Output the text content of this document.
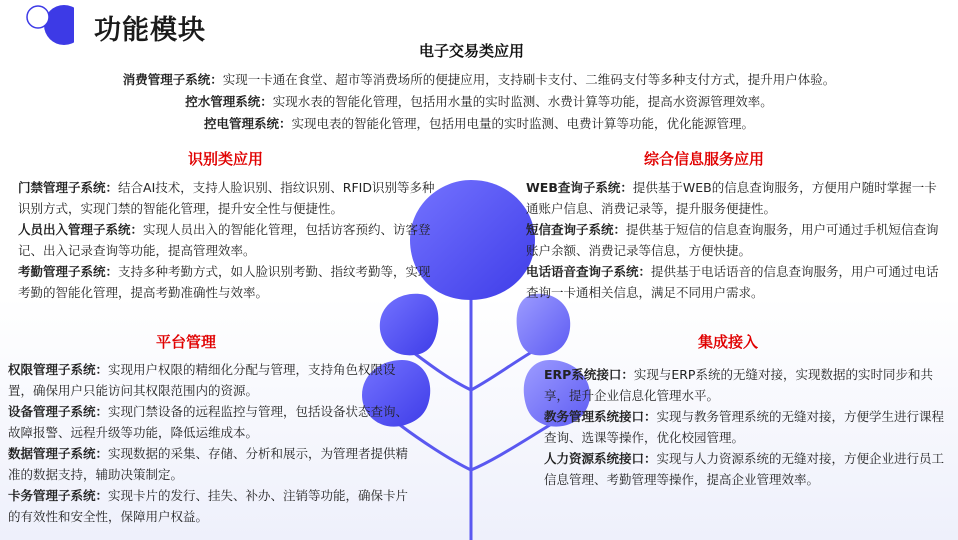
功能模块
电子交易类应用
消费管理子系统：实现一卡通在食堂、超市等消费场所的便捷应用，支持刷卡支付、二维码支付等多种支付方式，提升用户体验。
控水管理系统：实现水表的智能化管理，包括用水量的实时监测、水费计算等功能，提高水资源管理效率。
控电管理系统：实现电表的智能化管理，包括用电量的实时监测、电费计算等功能，优化能源管理。
识别类应用
门禁管理子系统：结合AI技术，支持人脸识别、指纹识别、RFID识别等多种识别方式，实现门禁的智能化管理，提升安全性与便捷性。
人员出入管理子系统：实现人员出入的智能化管理，包括访客预约、访客登记、出入记录查询等功能，提高管理效率。
考勤管理子系统：支持多种考勤方式，如人脸识别考勤、指纹考勤等，实现考勤的智能化管理，提高考勤准确性与效率。
综合信息服务应用
WEB查询子系统：提供基于WEB的信息查询服务，方便用户随时掌握一卡通账户信息、消费记录等，提升服务便捷性。
短信查询子系统：提供基于短信的信息查询服务，用户可通过手机短信查询账户余额、消费记录等信息，方便快捷。
电话语音查询子系统：提供基于电话语音的信息查询服务，用户可通过电话查询一卡通相关信息，满足不同用户需求。
平台管理
权限管理子系统：实现用户权限的精细化分配与管理，支持角色权限设置，确保用户只能访问其权限范围内的资源。
设备管理子系统：实现门禁设备的远程监控与管理，包括设备状态查询、故障报警、远程升级等功能，降低运维成本。
数据管理子系统：实现数据的采集、存储、分析和展示，为管理者提供精准的数据支持，辅助决策制定。
卡务管理子系统：实现卡片的发行、挂失、补办、注销等功能，确保卡片的有效性和安全性，保障用户权益。
集成接入
ERP系统接口：实现与ERP系统的无缝对接，实现数据的实时同步和共享，提升企业信息化管理水平。
教务管理系统接口：实现与教务管理系统的无缝对接，方便学生进行课程查询、选课等操作，优化校园管理。
人力资源系统接口：实现与人力资源系统的无缝对接，方便企业进行员工信息管理、考勤管理等操作，提高企业管理效率。
